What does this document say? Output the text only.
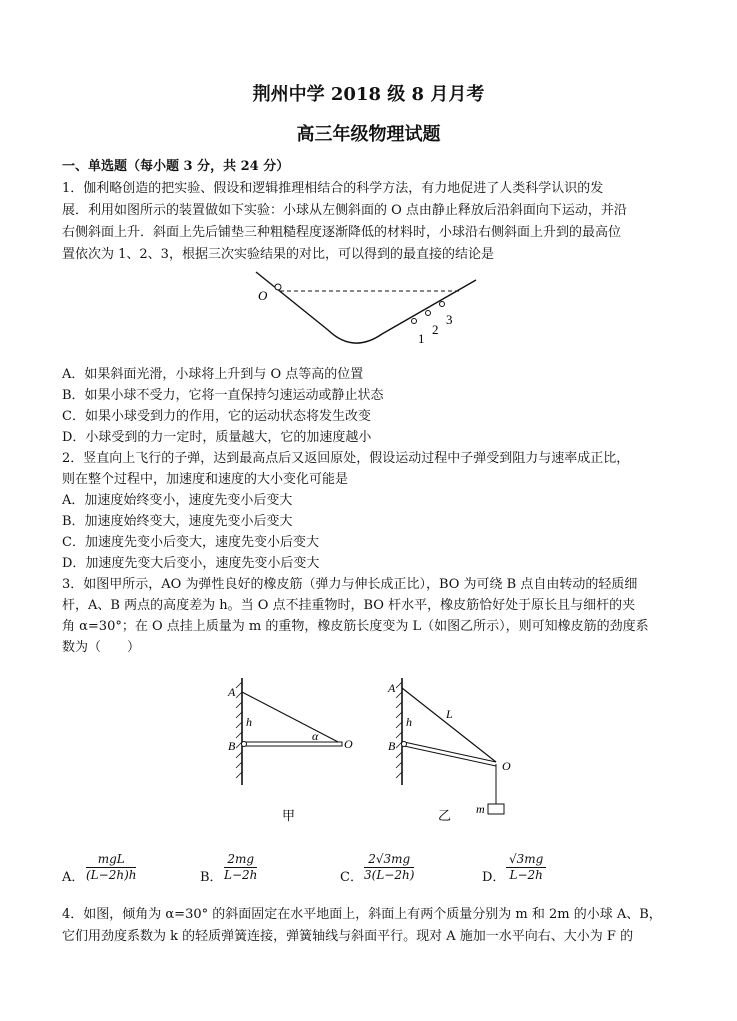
荆州中学 2018 级 8 月月考
高三年级物理试题
一、单选题（每小题 3 分，共 24 分）
1．伽利略创造的把实验、假设和逻辑推理相结合的科学方法，有力地促进了人类科学认识的发
展．利用如图所示的装置做如下实验：小球从左侧斜面的 O 点由静止释放后沿斜面向下运动，并沿
右侧斜面上升．斜面上先后铺垫三种粗糙程度逐渐降低的材料时，小球沿右侧斜面上升到的最高位
置依次为 1、2、3，根据三次实验结果的对比，可以得到的最直接的结论是
O
1
2
3
A．如果斜面光滑，小球将上升到与 O 点等高的位置
B．如果小球不受力，它将一直保持匀速运动或静止状态
C．如果小球受到力的作用，它的运动状态将发生改变
D．小球受到的力一定时，质量越大，它的加速度越小
2．竖直向上飞行的子弹，达到最高点后又返回原处，假设运动过程中子弹受到阻力与速率成正比，
则在整个过程中，加速度和速度的大小变化可能是
A．加速度始终变小，速度先变小后变大
B．加速度始终变大，速度先变小后变大
C．加速度先变小后变大，速度先变小后变大
D．加速度先变大后变小，速度先变小后变大
3．如图甲所示，AO 为弹性良好的橡皮筋（弹力与伸长成正比），BO 为可绕 B 点自由转动的轻质细
杆，A、B 两点的高度差为 h。当 O 点不挂重物时，BO 杆水平，橡皮筋恰好处于原长且与细杆的夹
角 α=30°；在 O 点挂上质量为 m 的重物，橡皮筋长度变为 L（如图乙所示），则可知橡皮筋的劲度系
数为（　　）
A
h
B
α
O
甲
A
h
B
L
O
m
乙
A．
mgL
(L−2h)h	B． $\frac{2mg}{L-2h}$	C． $\frac{2√3mg}{3(L-2h)}$	D． $\frac{√3mg}{L-2h}$
4．如图，倾角为 α=30° 的斜面固定在水平地面上，斜面上有两个质量分别为 m 和 2m 的小球 A、B，
它们用劲度系数为 k 的轻质弹簧连接，弹簧轴线与斜面平行。现对 A 施加一水平向右、大小为 F 的
